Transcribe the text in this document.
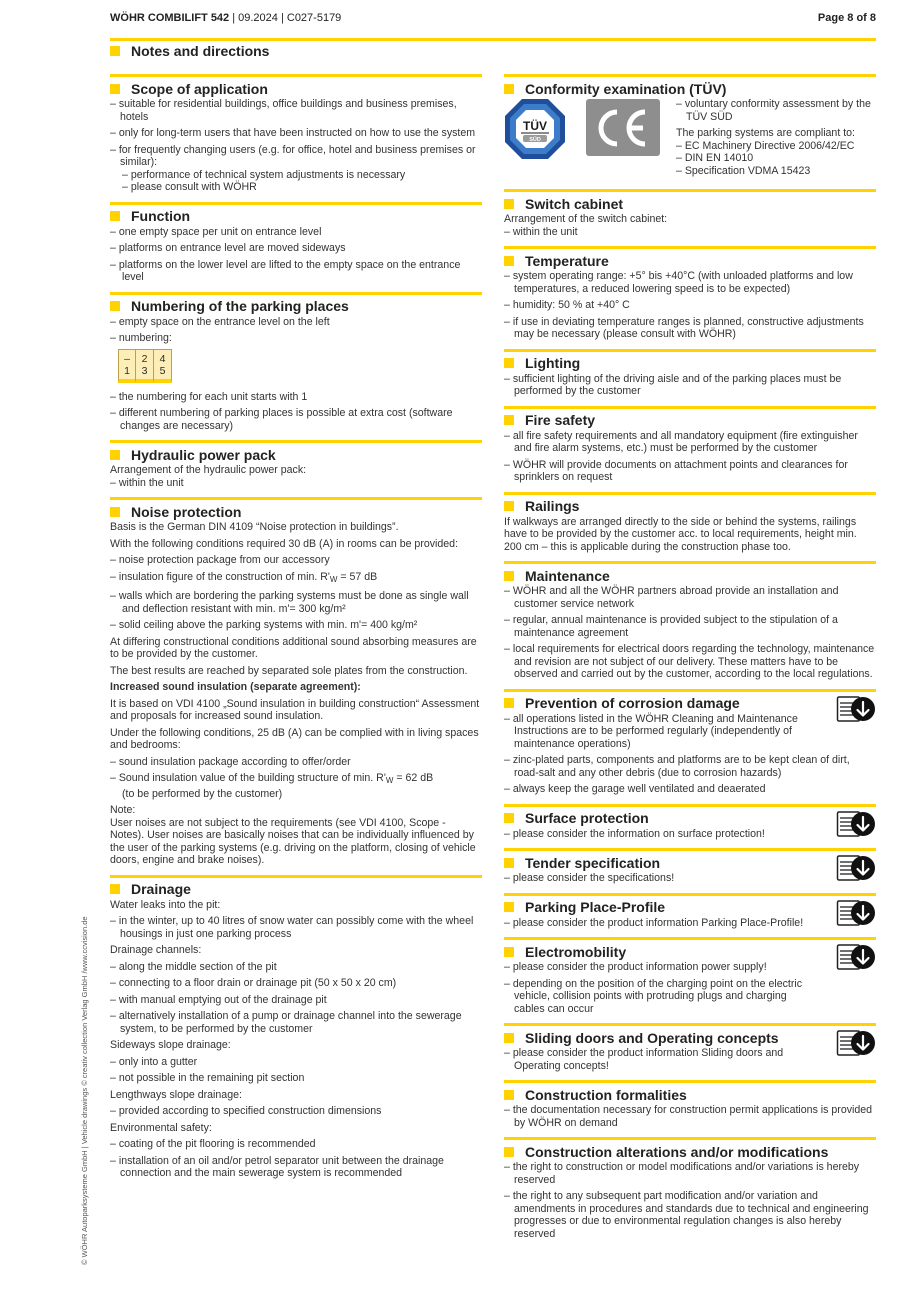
WÖHR COMBILIFT 542 | 09.2024 | C027-5179	Page 8 of 8
Notes and directions
Scope of application
– suitable for residential buildings, office buildings and business premises, hotels
– only for long-term users that have been instructed on how to use the system
– for frequently changing users (e.g. for office, hotel and business premises or similar):
– performance of technical system adjustments is necessary
– please consult with WÖHR
Function
– one empty space per unit on entrance level
– platforms on entrance level are moved sideways
– platforms on the lower level are lifted to the empty space on the entrance level
Numbering of the parking places
– empty space on the entrance level on the left
– numbering:
–
1
2
3
4
5
– the numbering for each unit starts with 1
– different numbering of parking places is possible at extra cost (software changes are necessary)
Hydraulic power pack
Arrangement of the hydraulic power pack:
– within the unit
Noise protection
Basis is the German DIN 4109 “Noise protection in buildings”.
With the following conditions required 30 dB (A) in rooms can be provided:
– noise protection package from our accessory
– insulation figure of the construction of min. $R'_W = 57$ dB
– walls which are bordering the parking systems must be done as single wall and deflection resistant with min. m'= 300 kg/m²
– solid ceiling above the parking systems with min. m'= 400 kg/m²
At differing constructional conditions additional sound absorbing measures are to be provided by the customer.
The best results are reached by separated sole plates from the construction.
Increased sound insulation (separate agreement):
It is based on VDI 4100 „Sound insulation in building construction“ Assessment and proposals for increased sound insulation.
Under the following conditions, 25 dB (A) can be complied with in living spaces and bedrooms:
– sound insulation package according to offer/order
– Sound insulation value of the building structure of min. $R'_W = 62$ dB
(to be performed by the customer)
Note:
User noises are not subject to the requirements (see VDI 4100, Scope - Notes). User noises are basically noises that can be individually influenced by the user of the parking systems (e.g. driving on the platform, closing of vehicle doors, engine and brake noises).
Drainage
Water leaks into the pit:
– in the winter, up to 40 litres of snow water can possibly come with the wheel housings in just one parking process
Drainage channels:
– along the middle section of the pit
– connecting to a floor drain or drainage pit (50 x 50 x 20 cm)
– with manual emptying out of the drainage pit
– alternatively installation of a pump or drainage channel into the sewerage system, to be performed by the customer
Sideways slope drainage:
– only into a gutter
– not possible in the remaining pit section
Lengthways slope drainage:
– provided according to specified construction dimensions
Environmental safety:
– coating of the pit flooring is recommended
– installation of an oil and/or petrol separator unit between the drainage connection and the main sewerage system is recommended
Conformity examination (TÜV)
TÜV
SÜD
– voluntary conformity assessment by the TÜV SÜD
The parking systems are compliant to:
– EC Machinery Directive 2006/42/EC
– DIN EN 14010
– Specification VDMA 15423
Switch cabinet
Arrangement of the switch cabinet:
– within the unit
Temperature
– system operating range: +5° bis +40°C (with unloaded platforms and low temperatures, a reduced lowering speed is to be expected)
– humidity: 50 % at +40° C
– if use in deviating temperature ranges is planned, constructive adjustments may be necessary (please consult with WÖHR)
Lighting
– sufficient lighting of the driving aisle and of the parking places must be performed by the customer
Fire safety
– all fire safety requirements and all mandatory equipment (fire extinguisher and fire alarm systems, etc.) must be performed by the customer
– WÖHR will provide documents on attachment points and clearances for sprinklers on request
Railings
If walkways are arranged directly to the side or behind the systems, railings have to be provided by the customer acc. to local requirements, height min. 200 cm – this is applicable during the construction phase too.
Maintenance
– WÖHR and all the WÖHR partners abroad provide an installation and customer service network
– regular, annual maintenance is provided subject to the stipulation of a maintenance agreement
– local requirements for electrical doors regarding the technology, maintenance and revision are not subject of our delivery. These matters have to be observed and carried out by the customer, according to the local regulations.
Prevention of corrosion damage
– all operations listed in the WÖHR Cleaning and Maintenance Instructions are to be performed regularly (independently of maintenance operations)
– zinc-plated parts, components and platforms are to be kept clean of dirt, road-salt and any other debris (due to corrosion hazards)
– always keep the garage well ventilated and deaerated
Surface protection
– please consider the information on surface protection!
Tender specification
– please consider the specifications!
Parking Place-Profile
– please consider the product information Parking Place-Profile!
Electromobility
– please consider the product information power supply!
– depending on the position of the charging point on the electric vehicle, collision points with protruding plugs and charging cables can occur
Sliding doors and Operating concepts
– please consider the product information Sliding doors and Operating concepts!
Construction formalities
– the documentation necessary for construction permit applications is provided by WÖHR on demand
Construction alterations and/or modifications
– the right to construction or model modifications and/or variations is hereby reserved
– the right to any subsequent part modification and/or variation and amendments in procedures and standards due to technical and engineering progresses or due to environmental regulation changes is also hereby reserved
© WÖHR Autoparksysteme GmbH | Vehicle drawings © creativ collection Verlag GmbH /www.ccvision.de
